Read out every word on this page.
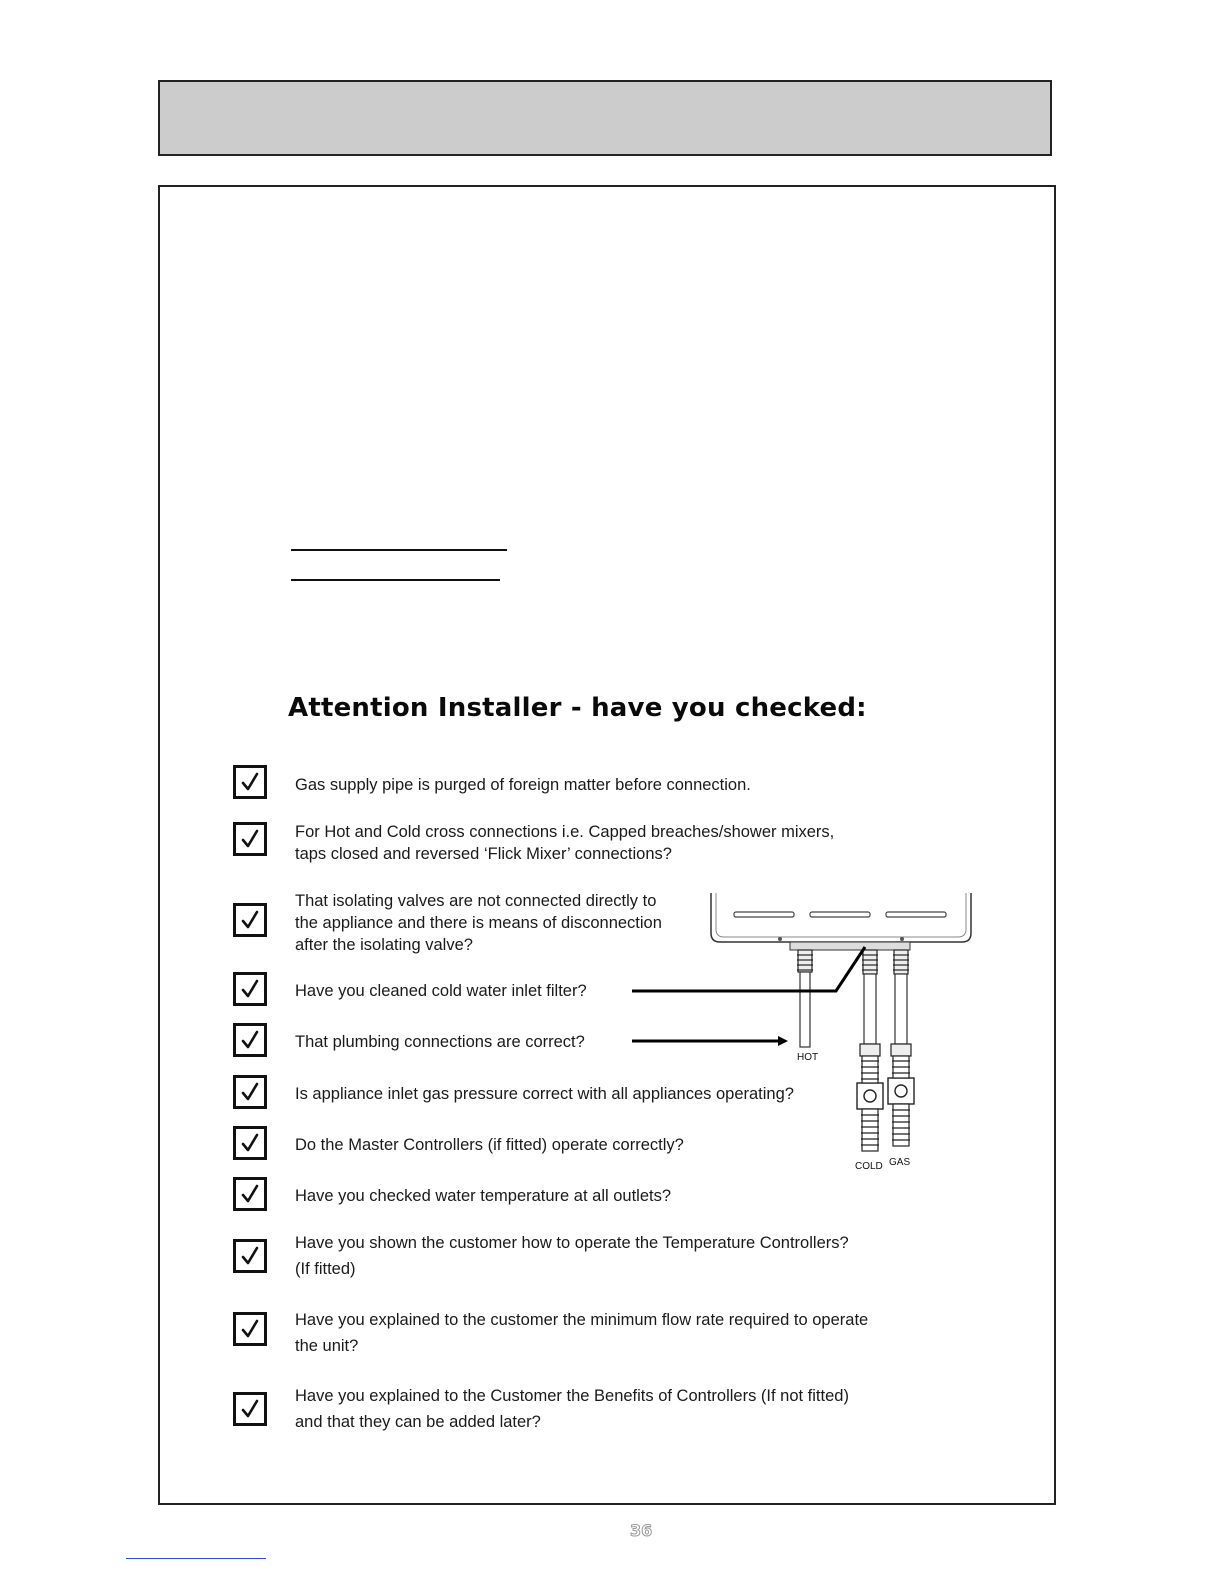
Attention Installer - have you checked:
Gas supply pipe is purged of foreign matter before connection.
For Hot and Cold cross connections i.e. Capped breaches/shower mixers,
taps closed and reversed ‘Flick Mixer’ connections?
That isolating valves are not connected directly to
the appliance and there is means of disconnection
after the isolating valve?
Have you cleaned cold water inlet filter?
That plumbing connections are correct?
Is appliance inlet gas pressure correct with all appliances operating?
Do the Master Controllers (if fitted) operate correctly?
Have you checked water temperature at all outlets?
Have you shown the customer how to operate the Temperature Controllers?
(If fitted)
Have you explained to the customer the minimum flow rate required to operate
the unit?
Have you explained to the Customer the Benefits of Controllers (If not fitted)
and that they can be added later?
HOT
COLD GAS
36
